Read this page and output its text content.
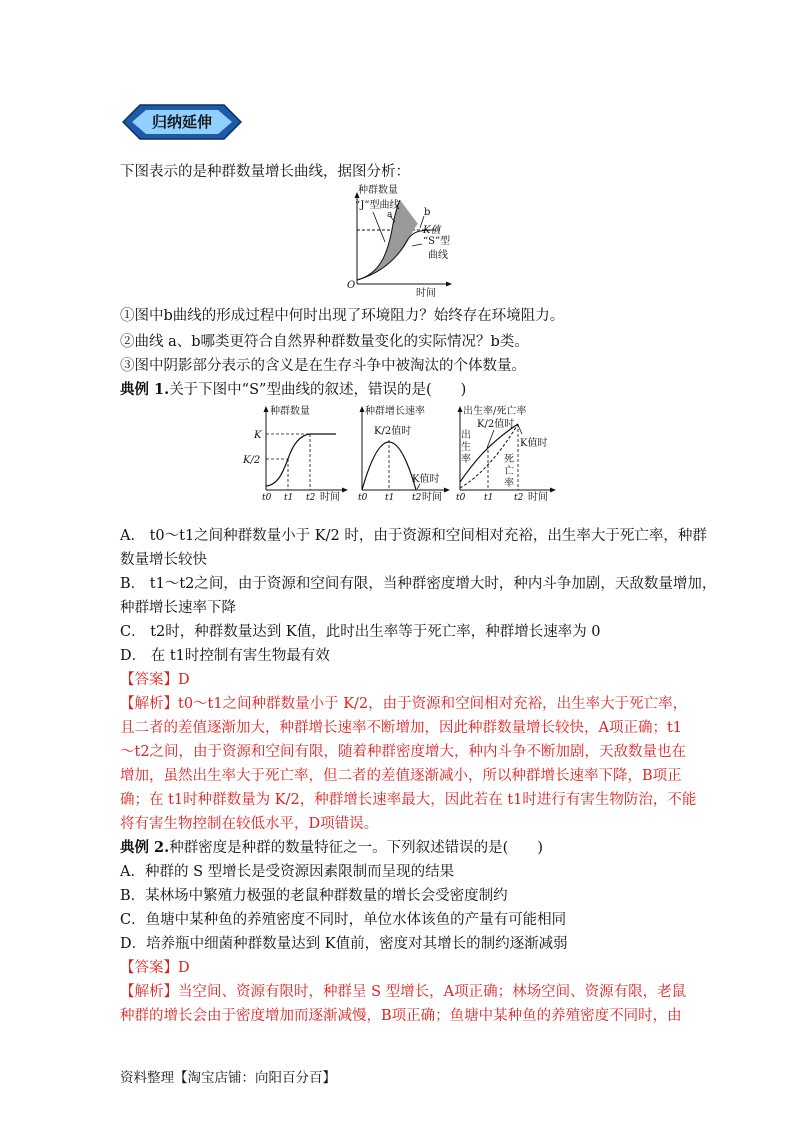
归纳延伸
下图表示的是种群数量增长曲线，据图分析：
种群数量
“J”型曲线
a	b
K值
“S”型
曲线
O
时间
①图中b曲线的形成过程中何时出现了环境阻力？始终存在环境阻力。
②曲线 a、b哪类更符合自然界种群数量变化的实际情况？b类。
③图中阴影部分表示的含义是在生存斗争中被淘汰的个体数量。
典例 1.关于下图中“S”型曲线的叙述，错误的是(　　)
种群数量
K
K/2
t0 t1 t2 时间
种群增长速率
K/2值时
K值时
t0 t1 t2 时间
出生率/死亡率
K/2值时
出
生
率
K值时
死
亡
率
t0 t1 t2 时间
A． t0～t1之间种群数量小于 K/2 时，由于资源和空间相对充裕，出生率大于死亡率，种群
数量增长较快
B． t1～t2之间，由于资源和空间有限，当种群密度增大时，种内斗争加剧，天敌数量增加，
种群增长速率下降
C． t2时，种群数量达到 K值，此时出生率等于死亡率，种群增长速率为 0
D． 在 t1时控制有害生物最有效
【答案】D
【解析】t0～t1之间种群数量小于 K/2，由于资源和空间相对充裕，出生率大于死亡率，
且二者的差值逐渐加大，种群增长速率不断增加，因此种群数量增长较快，A项正确；t1
～t2之间，由于资源和空间有限，随着种群密度增大，种内斗争不断加剧，天敌数量也在
增加，虽然出生率大于死亡率，但二者的差值逐渐减小，所以种群增长速率下降，B项正
确；在 t1时种群数量为 K/2，种群增长速率最大，因此若在 t1时进行有害生物防治，不能
将有害生物控制在较低水平，D项错误。
典例 2.种群密度是种群的数量特征之一。下列叙述错误的是(　　)
A．种群的 S 型增长是受资源因素限制而呈现的结果
B．某林场中繁殖力极强的老鼠种群数量的增长会受密度制约
C．鱼塘中某种鱼的养殖密度不同时，单位水体该鱼的产量有可能相同
D．培养瓶中细菌种群数量达到 K值前，密度对其增长的制约逐渐减弱
【答案】D
【解析】当空间、资源有限时，种群呈 S 型增长，A项正确；林场空间、资源有限，老鼠
种群的增长会由于密度增加而逐渐减慢，B项正确；鱼塘中某种鱼的养殖密度不同时，由
资料整理【淘宝店铺：向阳百分百】
